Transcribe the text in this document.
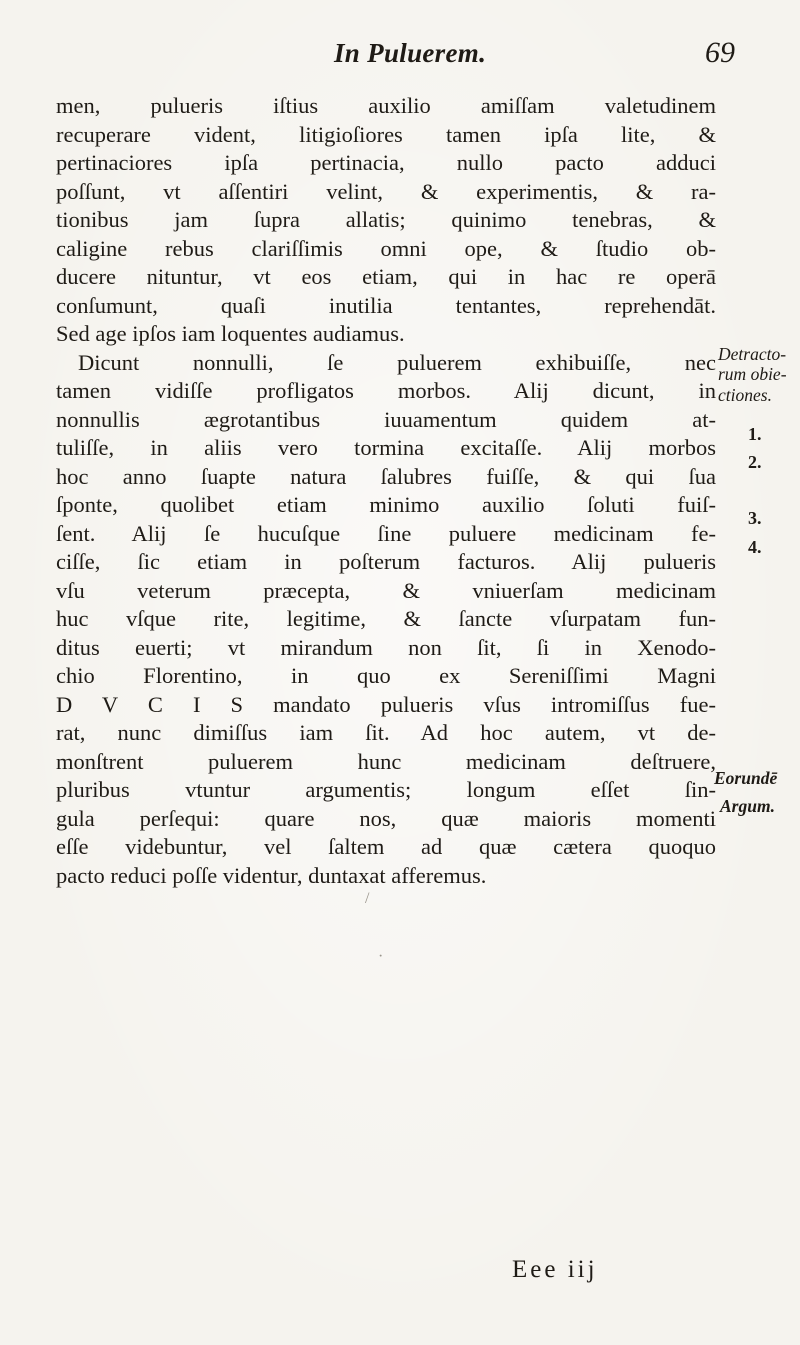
In Puluerem.	69
men, pulueris iſtius auxilio amiſſam valetudinem
recuperare vident, litigioſiores tamen ipſa lite, &
pertinaciores ipſa pertinacia, nullo pacto adduci
poſſunt, vt aſſentiri velint, & experimentis, & ra-
tionibus jam ſupra allatis; quinimo tenebras, &
caligine rebus clariſſimis omni ope, & ſtudio ob-
ducere nituntur, vt eos etiam, qui in hac re operā
conſumunt, quaſi inutilia tentantes, reprehendāt.
Sed age ipſos iam loquentes audiamus.
Dicunt nonnulli, ſe puluerem exhibuiſſe, nec
tamen vidiſſe profligatos morbos. Alij dicunt, in
nonnullis ægrotantibus iuuamentum quidem at-
tuliſſe, in aliis vero tormina excitaſſe. Alij morbos
hoc anno ſuapte natura ſalubres fuiſſe, & qui ſua
ſponte, quolibet etiam minimo auxilio ſoluti fuiſ-
ſent. Alij ſe hucuſque ſine puluere medicinam fe-
ciſſe, ſic etiam in poſterum facturos. Alij pulueris
vſu veterum præcepta, & vniuerſam medicinam
huc vſque rite, legitime, & ſancte vſurpatam fun-
ditus euerti; vt mirandum non ſit, ſi in Xenodo-
chio Florentino, in quo ex Sereniſſimi Magni
D V C I S mandato pulueris vſus intromiſſus fue-
rat, nunc dimiſſus iam ſit. Ad hoc autem, vt de-
monſtrent puluerem hunc medicinam deſtruere,
pluribus vtuntur argumentis; longum eſſet ſin-
gula perſequi: quare nos, quæ maioris momenti
eſſe videbuntur, vel ſaltem ad quæ cætera quoquo
pacto reduci poſſe videntur, duntaxat afferemus.
Detracto-
rum obie-
ctiones.
1.
2.
3.
4.
Eorundē
Argum.
/
·
Eee iij
